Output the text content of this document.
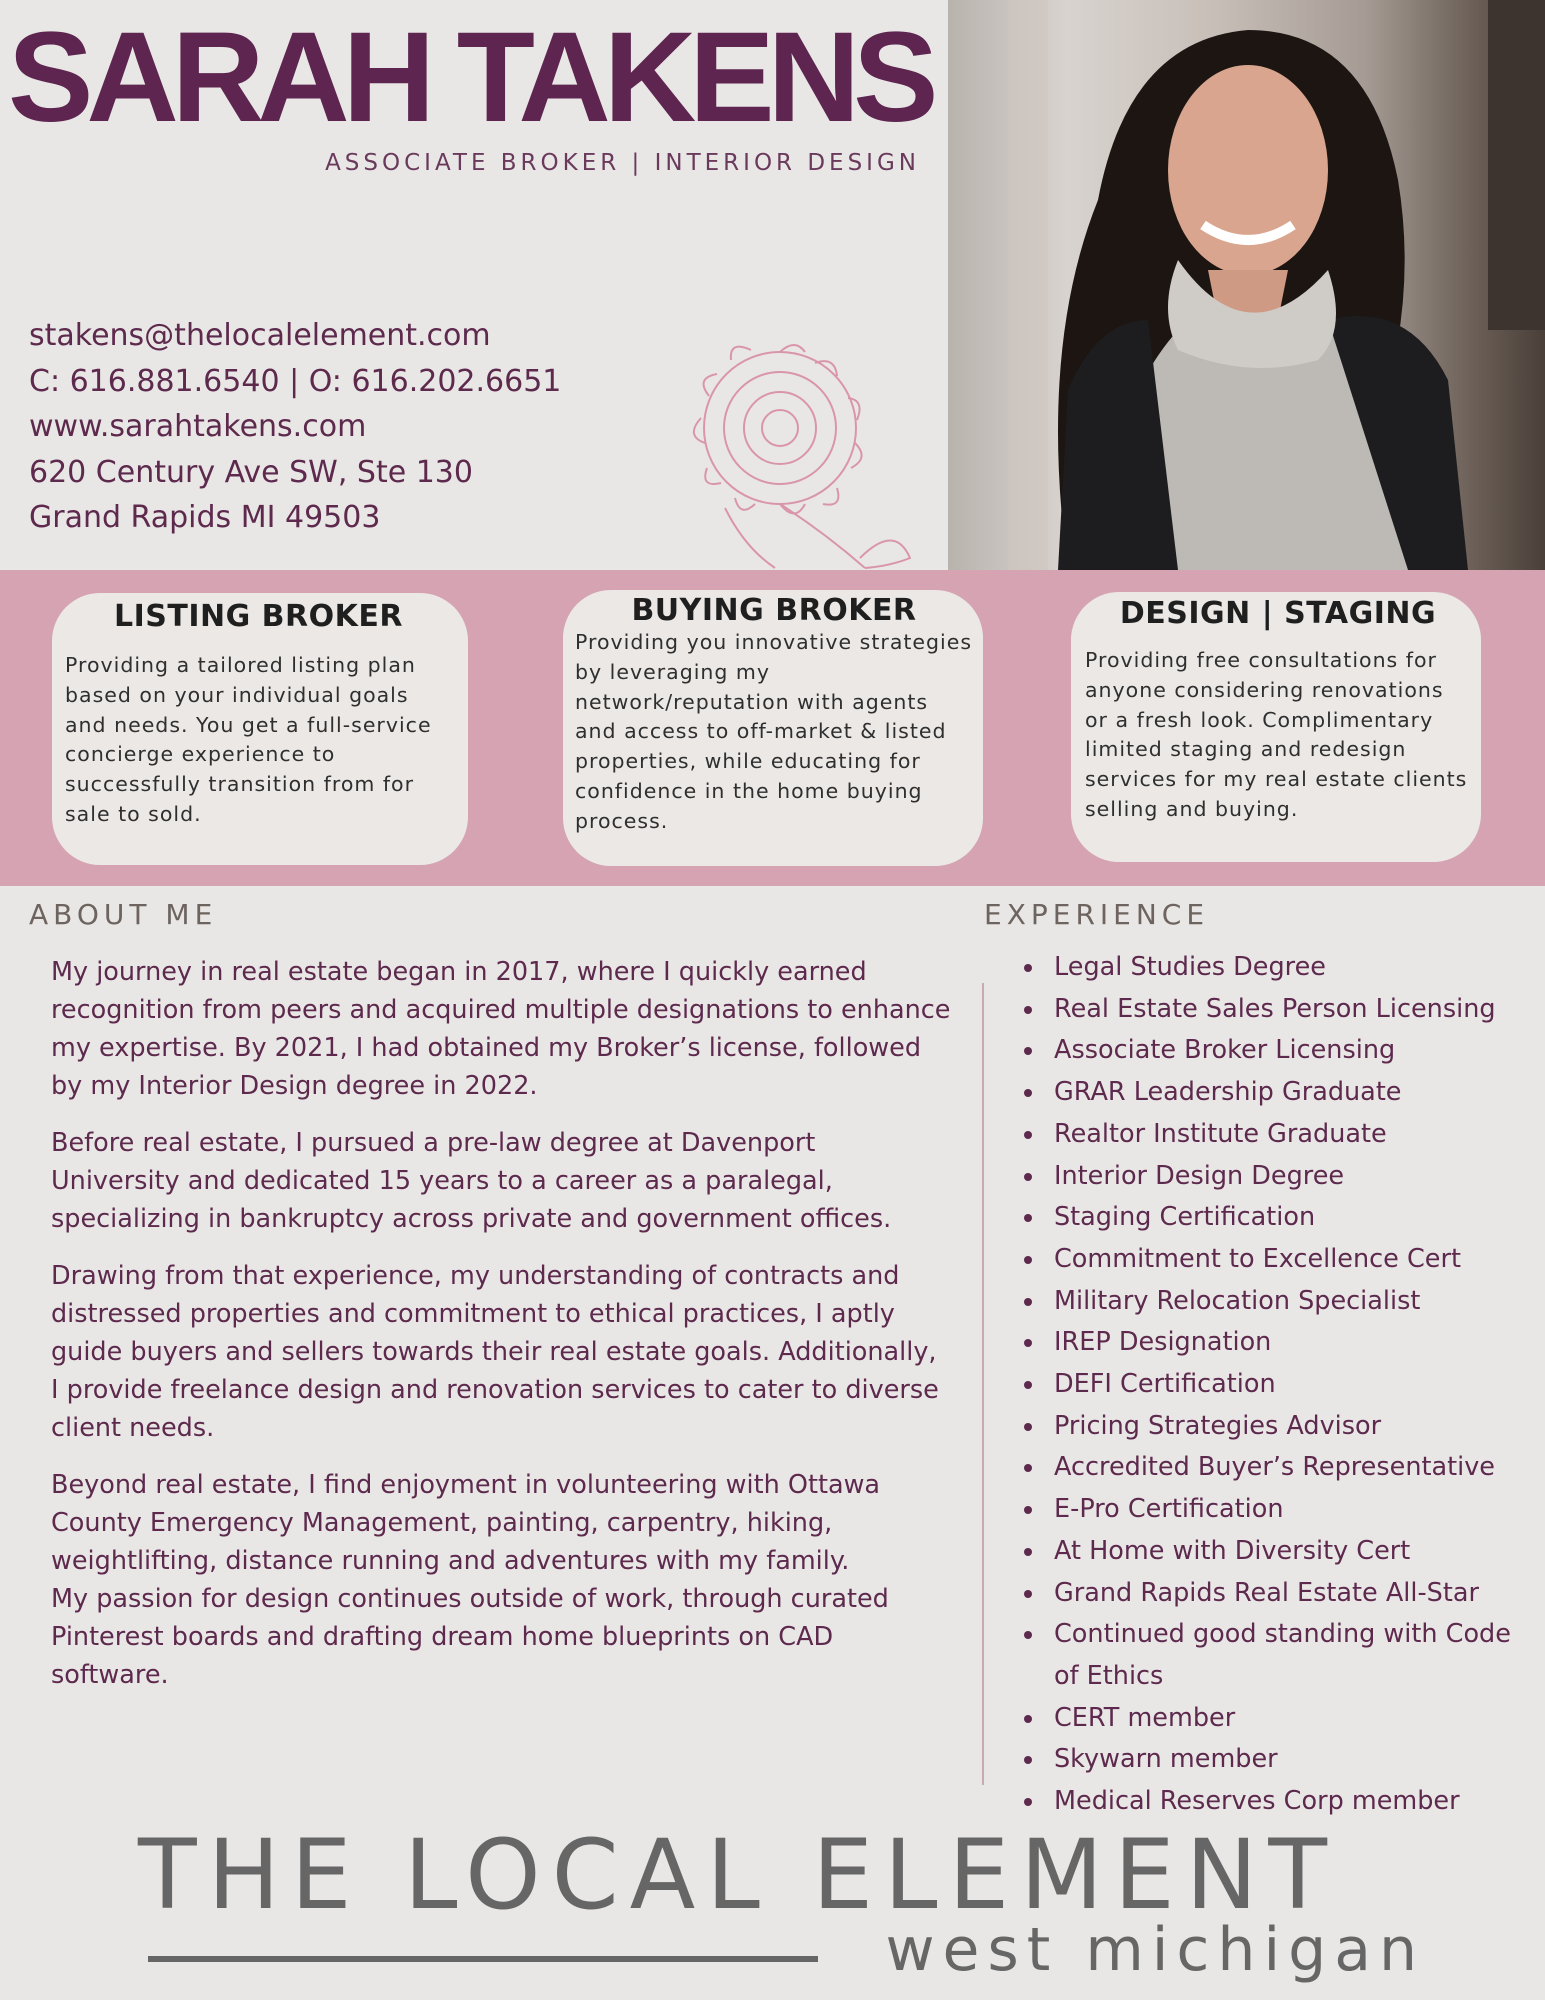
SARAH TAKENS
ASSOCIATE BROKER | INTERIOR DESIGN
stakens@thelocalelement.com
C: 616.881.6540 | O: 616.202.6651
www.sarahtakens.com
620 Century Ave SW, Ste 130
Grand Rapids MI 49503
LISTING BROKER

Providing a tailored listing plan based on your individual goals and needs. You get a full-service concierge experience to successfully transition from for sale to sold.

BUYING BROKER

Providing you innovative strategies by leveraging my network/reputation with agents and access to off-market & listed properties, while educating for confidence in the home buying process.

DESIGN | STAGING

Providing free consultations for anyone considering renovations or a fresh look. Complimentary limited staging and redesign services for my real estate clients selling and buying.

ABOUT ME

My journey in real estate began in 2017, where I quickly earned recognition from peers and acquired multiple designations to enhance my expertise. By 2021, I had obtained my Broker’s license, followed by my Interior Design degree in 2022.

Before real estate, I pursued a pre-law degree at Davenport University and dedicated 15 years to a career as a paralegal, specializing in bankruptcy across private and government offices.

Drawing from that experience, my understanding of contracts and distressed properties and commitment to ethical practices, I aptly guide buyers and sellers towards their real estate goals. Additionally, I provide freelance design and renovation services to cater to diverse client needs.

Beyond real estate, I find enjoyment in volunteering with Ottawa County Emergency Management, painting, carpentry, hiking, weightlifting, distance running and adventures with my family.

My passion for design continues outside of work, through curated Pinterest boards and drafting dream home blueprints on CAD software.

EXPERIENCE
Legal Studies Degree
Real Estate Sales Person Licensing
Associate Broker Licensing
GRAR Leadership Graduate
Realtor Institute Graduate
Interior Design Degree
Staging Certification
Commitment to Excellence Cert
Military Relocation Specialist
IREP Designation
DEFI Certification
Pricing Strategies Advisor
Accredited Buyer’s Representative
E-Pro Certification
At Home with Diversity Cert
Grand Rapids Real Estate All-Star
Continued good standing with Code of Ethics
CERT member
Skywarn member
Medical Reserves Corp member
THE LOCAL ELEMENT
west michigan
